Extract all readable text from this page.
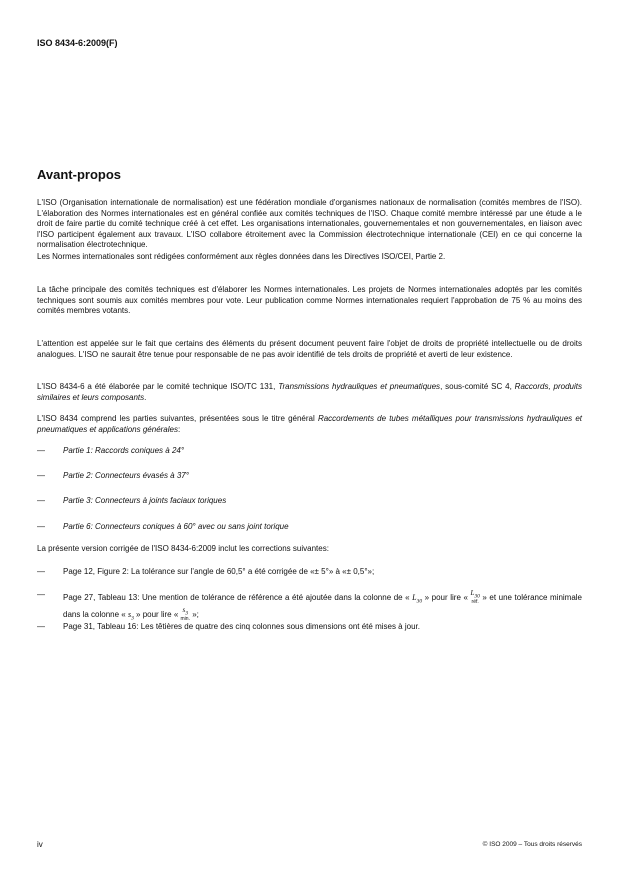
ISO 8434-6:2009(F)
Avant-propos
L'ISO (Organisation internationale de normalisation) est une fédération mondiale d'organismes nationaux de normalisation (comités membres de l'ISO). L'élaboration des Normes internationales est en général confiée aux comités techniques de l'ISO. Chaque comité membre intéressé par une étude a le droit de faire partie du comité technique créé à cet effet. Les organisations internationales, gouvernementales et non gouvernementales, en liaison avec l'ISO participent également aux travaux. L'ISO collabore étroitement avec la Commission électrotechnique internationale (CEI) en ce qui concerne la normalisation électrotechnique.
Les Normes internationales sont rédigées conformément aux règles données dans les Directives ISO/CEI, Partie 2.
La tâche principale des comités techniques est d'élaborer les Normes internationales. Les projets de Normes internationales adoptés par les comités techniques sont soumis aux comités membres pour vote. Leur publication comme Normes internationales requiert l'approbation de 75 % au moins des comités membres votants.
L'attention est appelée sur le fait que certains des éléments du présent document peuvent faire l'objet de droits de propriété intellectuelle ou de droits analogues. L'ISO ne saurait être tenue pour responsable de ne pas avoir identifié de tels droits de propriété et averti de leur existence.
L'ISO 8434-6 a été élaborée par le comité technique ISO/TC 131, Transmissions hydrauliques et pneumatiques, sous-comité SC 4, Raccords, produits similaires et leurs composants.
L'ISO 8434 comprend les parties suivantes, présentées sous le titre général Raccordements de tubes métalliques pour transmissions hydrauliques et pneumatiques et applications générales:
— Partie 1: Raccords coniques à 24°
— Partie 2: Connecteurs évasés à 37°
— Partie 3: Connecteurs à joints faciaux toriques
— Partie 6: Connecteurs coniques à 60° avec ou sans joint torique
La présente version corrigée de l'ISO 8434-6:2009 inclut les corrections suivantes:
— Page 12, Figure 2: La tolérance sur l'angle de 60,5° a été corrigée de «± 5°» à «± 0,5°»;
— Page 27, Tableau 13: Une mention de tolérance de référence a été ajoutée dans la colonne de « $L_{30}$ » pour lire « $L_{30}$
réf.
» et une tolérance minimale dans la colonne « $s_3$ » pour lire « $s_3$
min.
»;
— Page 31, Tableau 16: Les têtières de quatre des cinq colonnes sous dimensions ont été mises à jour.
iv	© ISO 2009 – Tous droits réservés
